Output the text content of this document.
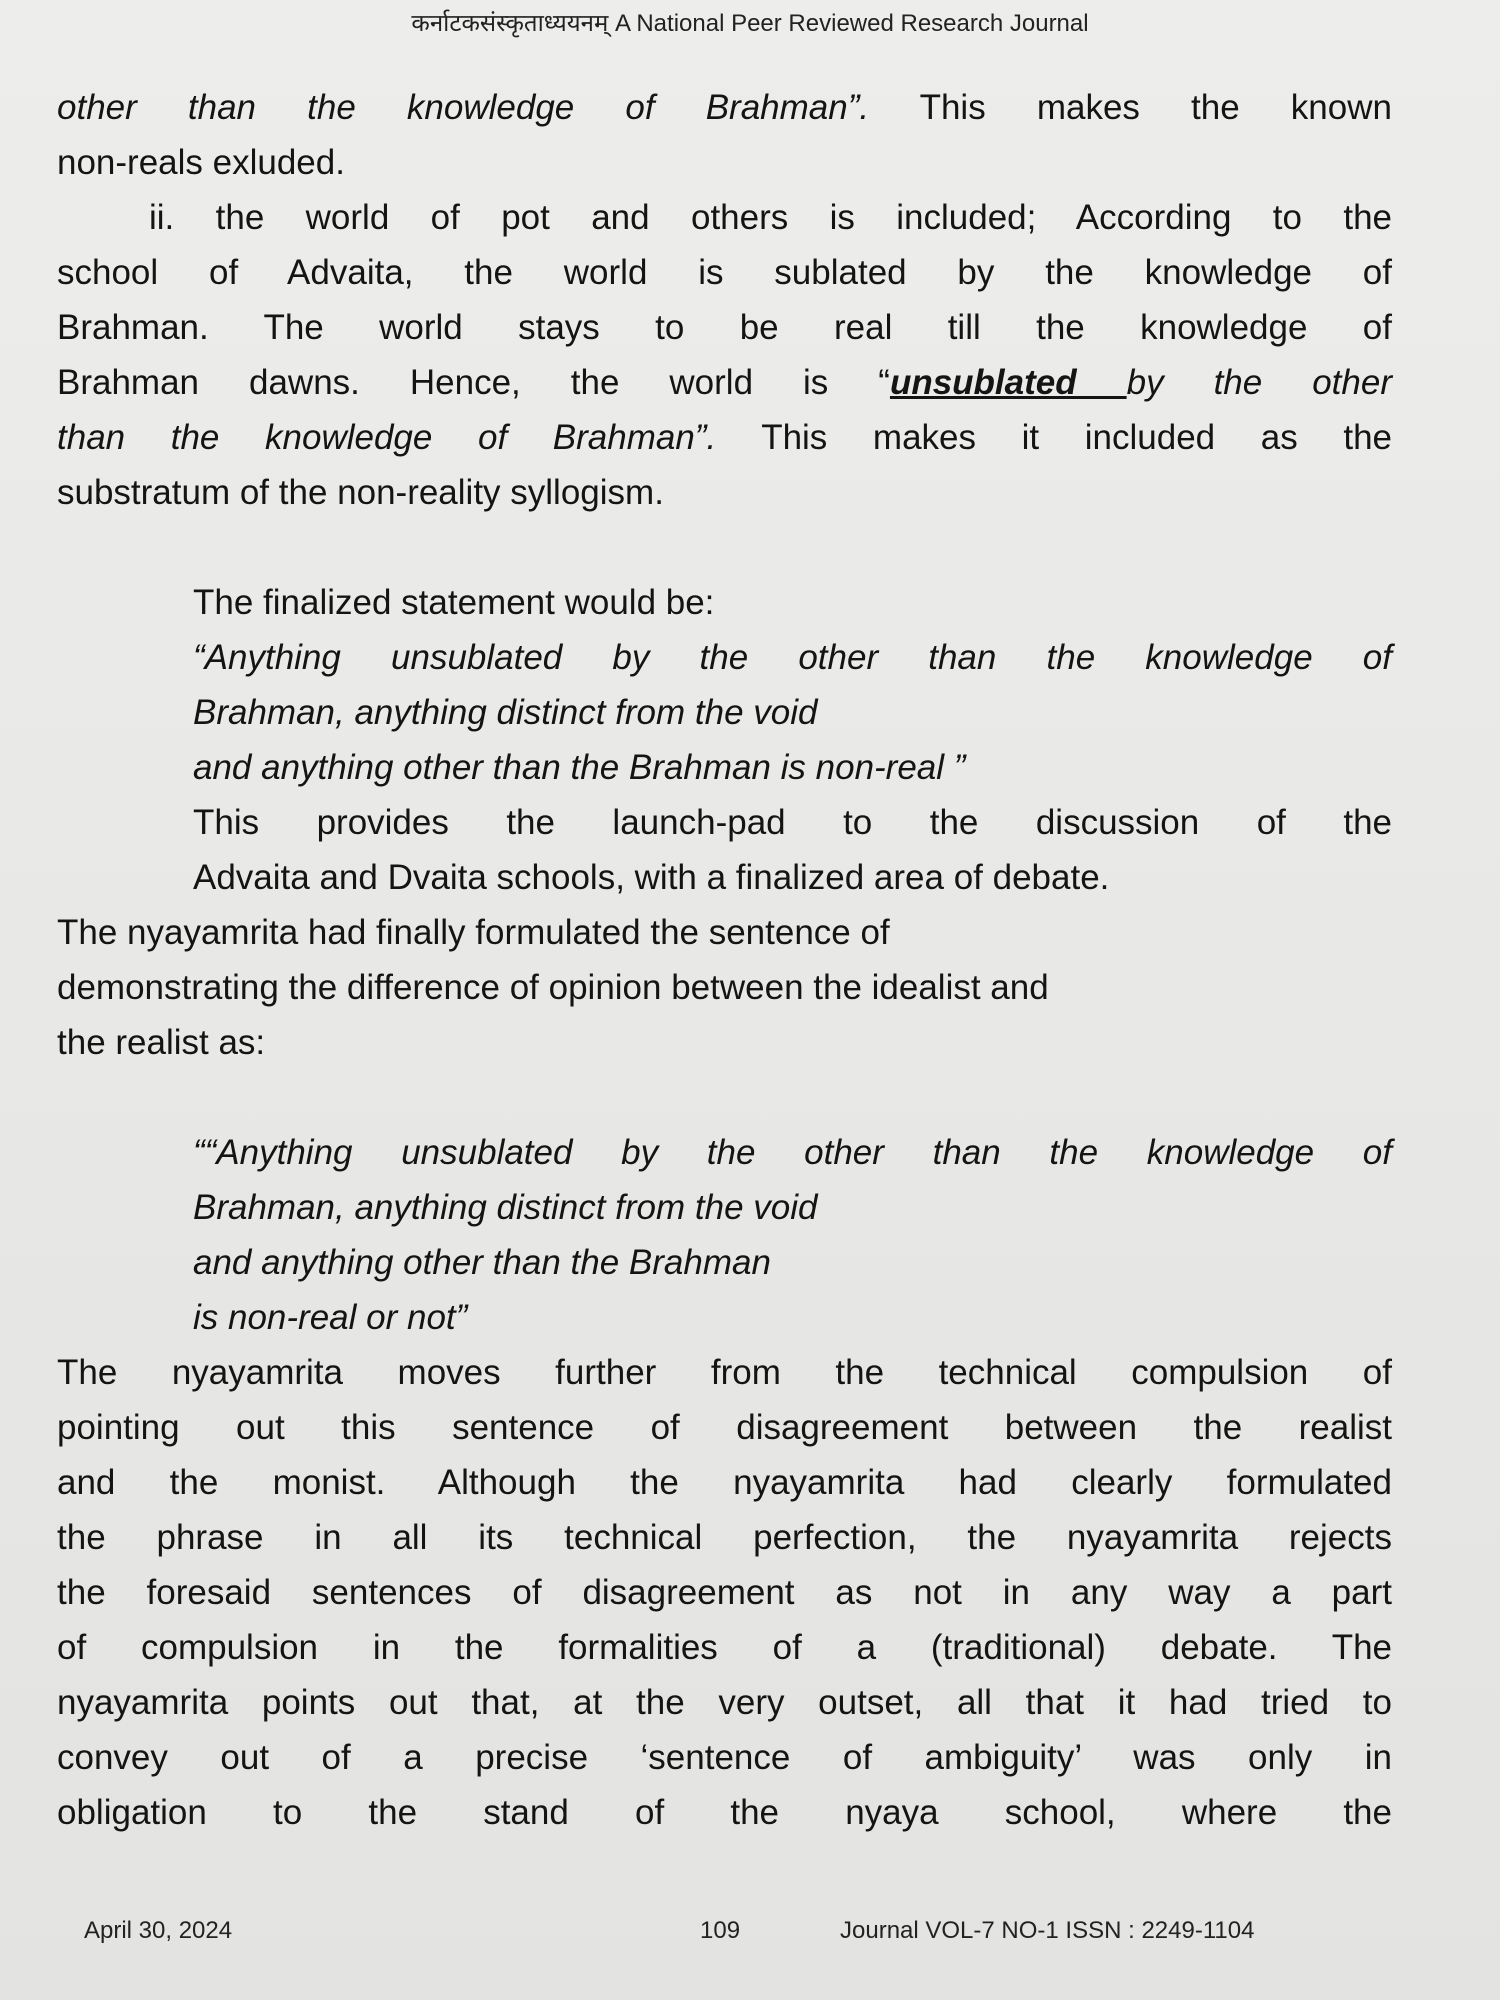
कर्नाटकसंस्कृताध्ययनम् A National Peer Reviewed Research Journal

other than the knowledge of Brahman”. This makes the known

non-reals exluded.

ii. the world of pot and others is included; According to the

school of Advaita, the world is sublated by the knowledge of

Brahman. The world stays to be real till the knowledge of

Brahman dawns. Hence, the world is “unsublated by the other

than the knowledge of Brahman”. This makes it included as the

substratum of the non-reality syllogism.

The finalized statement would be:

“Anything unsublated by the other than the knowledge of

Brahman, anything distinct from the void

and anything other than the Brahman is non-real ”

This provides the launch-pad to the discussion of the

Advaita and Dvaita schools, with a finalized area of debate.

The nyayamrita had finally formulated the sentence of

demonstrating the difference of opinion between the idealist and

the realist as:

““Anything unsublated by the other than the knowledge of

Brahman, anything distinct from the void

and anything other than the Brahman

is non-real or not”

The nyayamrita moves further from the technical compulsion of

pointing out this sentence of disagreement between the realist

and the monist. Although the nyayamrita had clearly formulated

the phrase in all its technical perfection, the nyayamrita rejects

the foresaid sentences of disagreement as not in any way a part

of compulsion in the formalities of a (traditional) debate. The

nyayamrita points out that, at the very outset, all that it had tried to

convey out of a precise ‘sentence of ambiguity’ was only in

obligation to the stand of the nyaya school, where the

April 30, 2024	109	Journal VOL-7 NO-1 ISSN : 2249-1104
